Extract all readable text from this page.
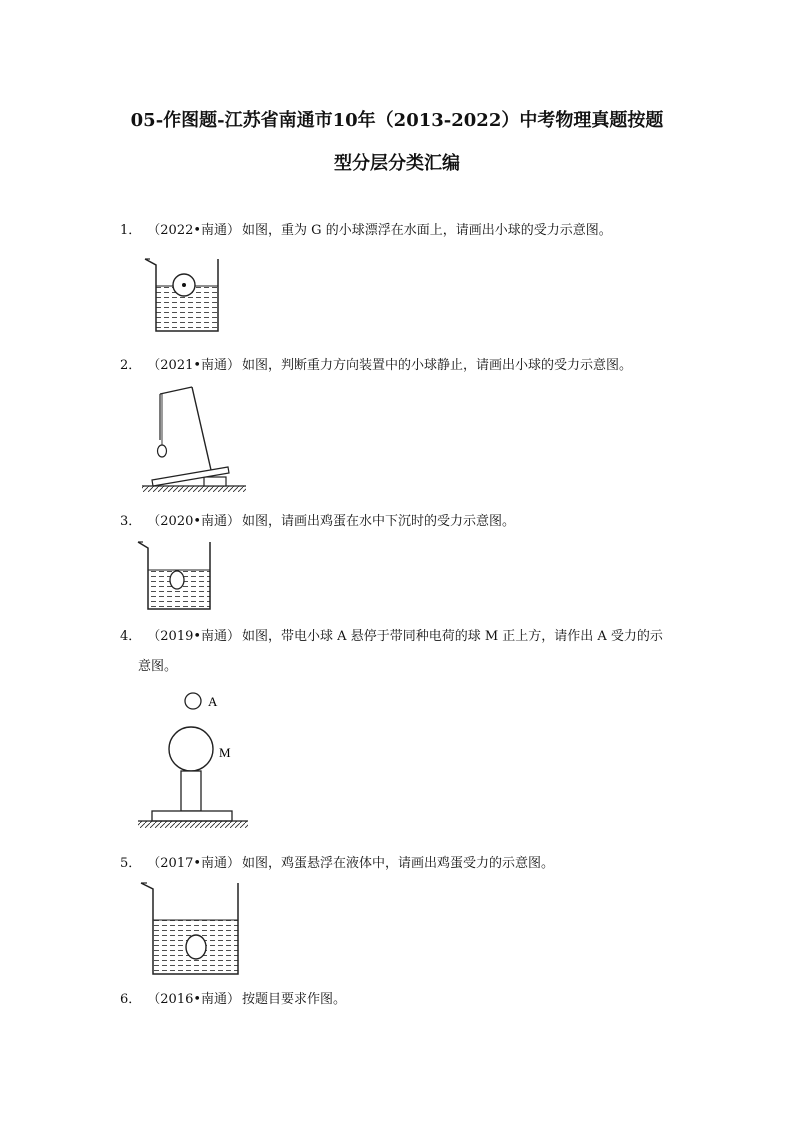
05-作图题-江苏省南通市10年（2013-2022）中考物理真题按题
型分层分类汇编
1． （2022•南通） 如图，重为 G 的小球漂浮在水面上，请画出小球的受力示意图。
2． （2021•南通） 如图，判断重力方向装置中的小球静止，请画出小球的受力示意图。
3． （2020•南通） 如图，请画出鸡蛋在水中下沉时的受力示意图。
4． （2019•南通） 如图，带电小球 A 悬停于带同种电荷的球 M 正上方，请作出 A 受力的示
意图。
A
M
5． （2017•南通） 如图，鸡蛋悬浮在液体中，请画出鸡蛋受力的示意图。
6． （2016•南通） 按题目要求作图。
